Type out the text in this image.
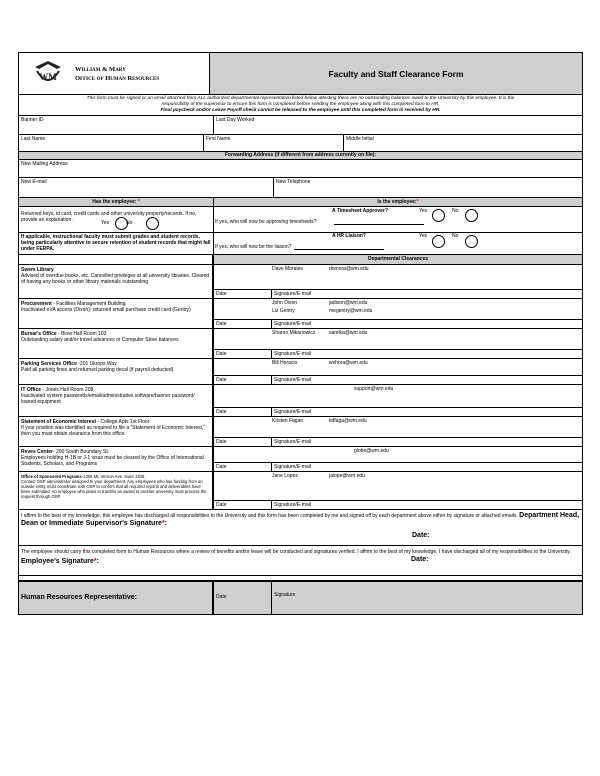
WM
William & Mary
Office of Human Resources	Faculty and Staff Clearance Form
This form must be signed or an email attached from ALL authorized departmental representative listed below attesting there are no outstanding balances owed to the University by this employee. It is the
responsibility of the supervisor to ensure this form is completed before sending the employee along with this completed form to HR.
Final paycheck and/or Leave Payoff check cannot be released to the employee until this completed form is received by HR.
Banner ID	Last Day Worked
Last Name	First Name	Middle Initial
Forwarding Address (if different from address currently on file):
New Mailing Address
New E-mail	New Telephone
Has the employee: *	Is the employee:*
Returned keys, id card, credit cards and other university property/records. If no, provide an explanation.	Yes	No
A Timesheet Approver?	Yes	No
If yes, who will now be approving timesheets?
If applicable, instructional faculty must submit grades and student records, being particularly attentive to secure retention of student records that might fall under FERPA.
A HR Liaison?	Yes	No
If yes, who will now be the liaison?
Departmental Clearances
Swem Library
Advised of overdue books, etc. Cancelled privileges at all university libraries. Cleared of having any books or other library materials outstanding
Dave Morales	dnmora@wm.edu
Date	Signature/E-mail
Procurement - Facilities Management Building
Inactivated eVA access (Dixon); returned small purchase credit card (Gentry)
John Dixon	jadixon@wm.edu
Liz Gentry	megentry@wm.edu
Date	Signature/E-mail
Bursar's Office - Blow Hall Room 103
Outstanding salary and/or travel advances or Computer Store balances
Sharon Mikanowicz	samika@wm.edu
Date	Signature/E-mail
Parking Services Office -201 Ukrops Way
Paid all parking fines and returned parking decal (if payroll deducted)
Bill Horacio	wxhora@wm.edu
Date	Signature/E-mail
IT Office - Jones Hall Room 208
Inactivated system passwords/email/administrative software/banner password/ loaned equipment
support@wm.edu
Date	Signature/E-mail
Statement of Economic Interest - College Apts 1st Floor
If your position was identified as required to file a "Statement of Economic Interest," then you must obtain clearance from this office.
Kristen Fagan	kdfaga@wm.edu
Date	Signature/E-mail
Reves Center- 200 South Boundary St.
Employees holding H-1B or J-1 visas must be cleared by the Office of International Students, Scholars, and Programs
globe@wm.edu
Date	Signature/E-mail
Office of Sponsored Programs-1308 Mt. Vernon Ave. Suite 1308
Contact OSP administrator assigned to your department. Any employees who has funding from an outside entity must coordinate with OSP to confirm that all required reports and deliverables have been submitted. An employee who plans to transfer an award to another university must process the request through OSP.
Jane Lopez	jalope@wm.edu
Date	Signature/E-mail
I affirm to the best of my knowledge, this employee has discharged all responsibilities to the University and this form has been completed by me and signed off by each department above either by signature or attached emails. Department Head, Dean or Immediate Supervisor's Signature*:
Date:
The employee should carry this completed form to Human Resources where a review of benefits and/or leave will be conducted and signatures verified. I affirm to the best of my knowledge, I have discharged all of my responsibilities to the University. Employee's Signature*:	Date:
Human Resources Representative:	Date	Signature
